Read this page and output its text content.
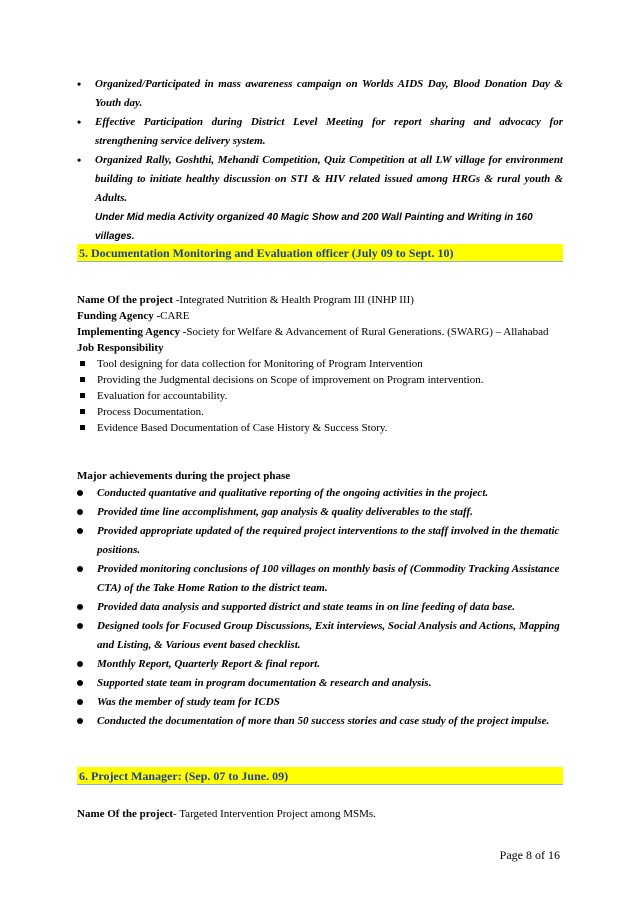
• Organized/Participated in mass awareness campaign on Worlds AIDS Day, Blood Donation Day & Youth day.
• Effective Participation during District Level Meeting for report sharing and advocacy for strengthening service delivery system.
• Organized Rally, Goshthi, Mehandi Competition, Quiz Competition at all LW village for environment building to initiate healthy discussion on STI & HIV related issued among HRGs & rural youth & Adults.
Under Mid media Activity organized 40 Magic Show and 200 Wall Painting and Writing in 160 villages.
5. Documentation Monitoring and Evaluation officer (July 09 to Sept. 10)
Name Of the project -Integrated Nutrition & Health Program III (INHP III)
Funding Agency -CARE
Implementing Agency -Society for Welfare & Advancement of Rural Generations. (SWARG) – Allahabad
Job Responsibility
Tool designing for data collection for Monitoring of Program Intervention
Providing the Judgmental decisions on Scope of improvement on Program intervention.
Evaluation for accountability.
Process Documentation.
Evidence Based Documentation of Case History & Success Story.
Major achievements during the project phase
Conducted quantative and qualitative reporting of the ongoing activities in the project.
Provided time line accomplishment, gap analysis & quality deliverables to the staff.
Provided appropriate updated of the required project interventions to the staff involved in the thematic positions.
Provided monitoring conclusions of 100 villages on monthly basis of (Commodity Tracking Assistance CTA) of the Take Home Ration to the district team.
Provided data analysis and supported district and state teams in on line feeding of data base.
Designed tools for Focused Group Discussions, Exit interviews, Social Analysis and Actions, Mapping and Listing, & Various event based checklist.
Monthly Report, Quarterly Report & final report.
Supported state team in program documentation & research and analysis.
Was the member of study team for ICDS
Conducted the documentation of more than 50 success stories and case study of the project impulse.
6. Project Manager: (Sep. 07 to June. 09)
Name Of the project- Targeted Intervention Project among MSMs.
Page 8 of 16
